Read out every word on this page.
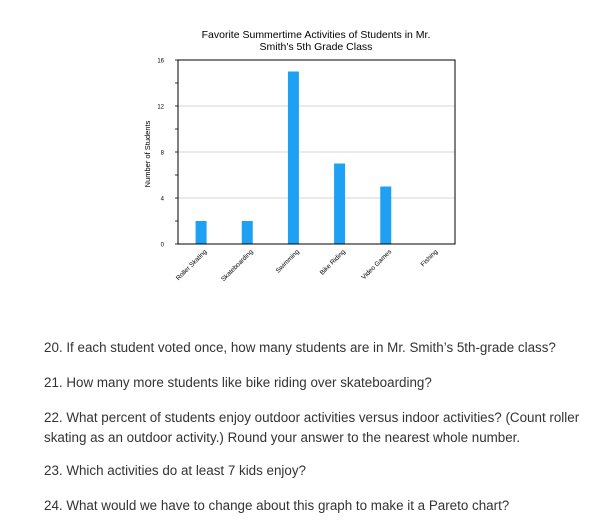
Favorite Summertime Activities of Students in Mr.
Smith's 5th Grade Class
Number of Students
0
4
8
12
16
Roller Skating Skateboarding	Swimming	Bike Riding Video Games	Fishing

20. If each student voted once, how many students are in Mr. Smith’s 5th-grade class?

21. How many more students like bike riding over skateboarding?

22. What percent of students enjoy outdoor activities versus indoor activities? (Count roller skating as an outdoor activity.) Round your answer to the nearest whole number.

23. Which activities do at least 7 kids enjoy?

24. What would we have to change about this graph to make it a Pareto chart?
